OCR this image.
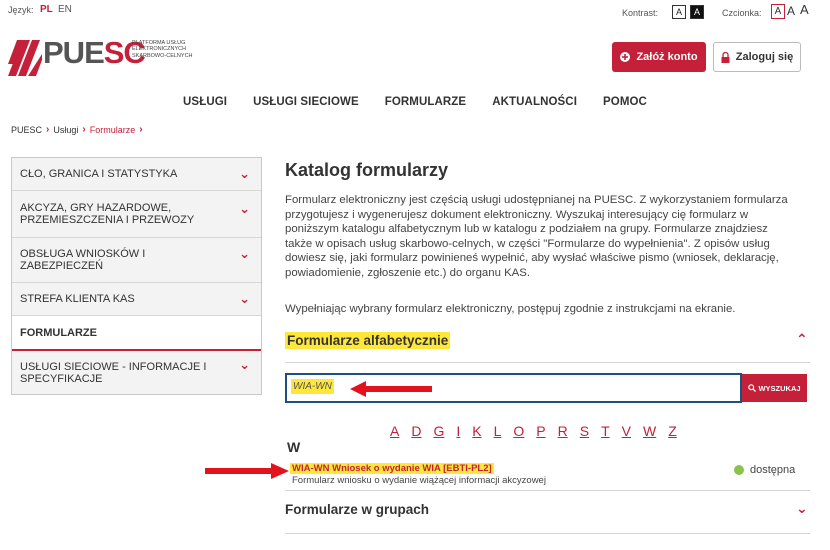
Język: PL EN	Kontrast:	A	A	Czcionka:	A A A
PUESC
PLATFORMA USŁUG ELEKTRONICZNYCH SKARBOWO-CELNYCH	Załóż konto	Zaloguj się
USŁUGI	USŁUGI SIECIOWE	FORMULARZE	AKTUALNOŚCI	POMOC
PUESC › Usługi › Formularze ›
CŁO, GRANICA I STATYSTYKA	⌄
AKCYZA, GRY HAZARDOWE, PRZEMIESZCZENIA I PRZEWOZY
⌄
OBSŁUGA WNIOSKÓW I ZABEZPIECZEŃ
⌄
STREFA KLIENTA KAS	⌄
FORMULARZE
USŁUGI SIECIOWE - INFORMACJE I SPECYFIKACJE
⌄
Katalog formularzy
Formularz elektroniczny jest częścią usługi udostępnianej na PUESC. Z wykorzystaniem formularza przygotujesz i wygenerujesz dokument elektroniczny. Wyszukaj interesujący cię formularz w poniższym katalogu alfabetycznym lub w katalogu z podziałem na grupy. Formularze znajdziesz także w opisach usług skarbowo-celnych, w części "Formularze do wypełnienia". Z opisów usług dowiesz się, jaki formularz powinieneś wypełnić, aby wysłać właściwe pismo (wniosek, deklarację, powiadomienie, zgłoszenie etc.) do organu KAS.
Wypełniając wybrany formularz elektroniczny, postępuj zgodnie z instrukcjami na ekranie.
Formularze alfabetycznie	⌃
WIA-WN	WYSZUKAJ
A D G I K L O P R S T V W Z
W
WIA-WN Wniosek o wydanie WIA [EBTI-PL2]
Formularz wniosku o wydanie wiążącej informacji akcyzowej
dostępna
Formularze w grupach	⌄
